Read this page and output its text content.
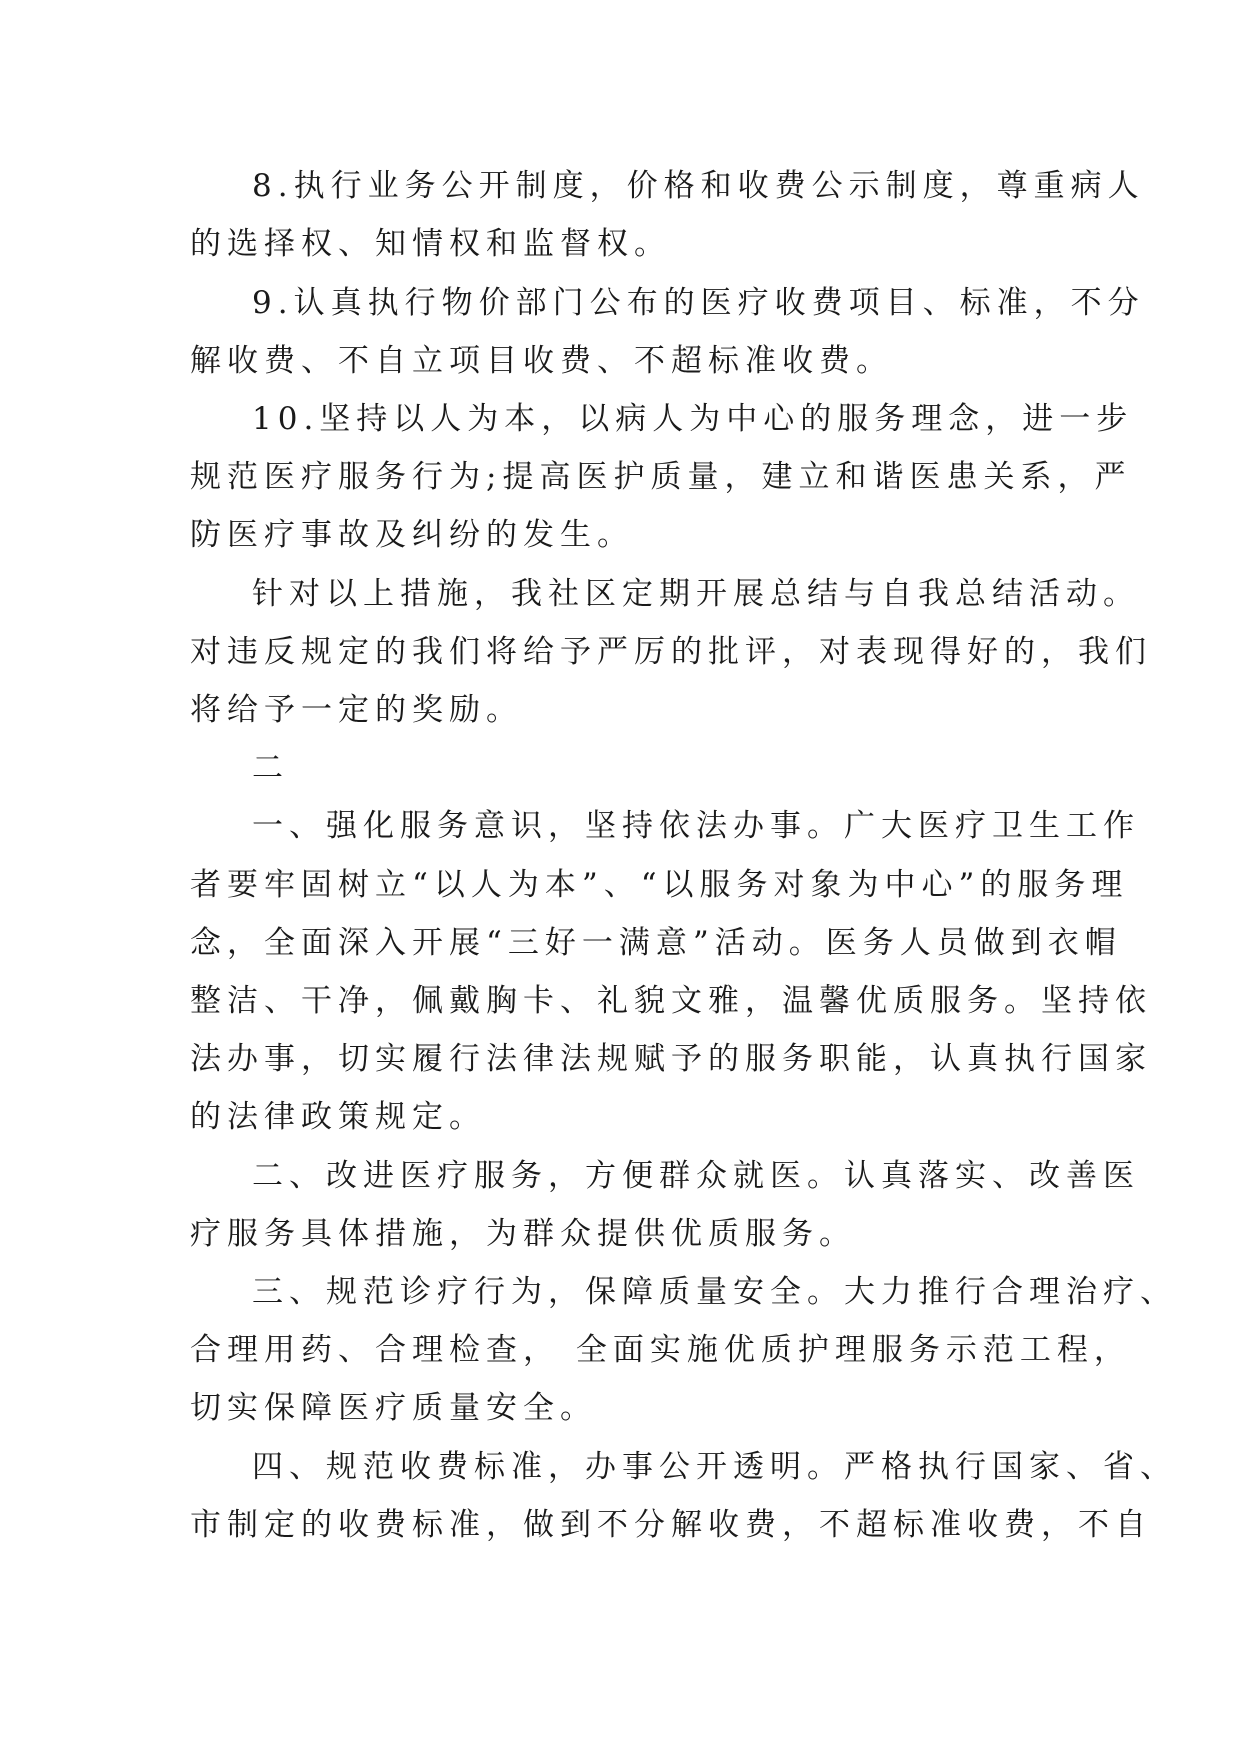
8.执行业务公开制度，价格和收费公示制度，尊重病人

的选择权、知情权和监督权。

9.认真执行物价部门公布的医疗收费项目、标准，不分

解收费、不自立项目收费、不超标准收费。

10.坚持以人为本，以病人为中心的服务理念，进一步

规范医疗服务行为;提高医护质量，建立和谐医患关系，严

防医疗事故及纠纷的发生。

针对以上措施，我社区定期开展总结与自我总结活动。

对违反规定的我们将给予严厉的批评，对表现得好的，我们

将给予一定的奖励。

二

一、强化服务意识，坚持依法办事。广大医疗卫生工作

者要牢固树立“以人为本”、“以服务对象为中心”的服务理

念，全面深入开展“三好一满意”活动。医务人员做到衣帽

整洁、干净，佩戴胸卡、礼貌文雅，温馨优质服务。坚持依

法办事，切实履行法律法规赋予的服务职能，认真执行国家

的法律政策规定。

二、改进医疗服务，方便群众就医。认真落实、改善医

疗服务具体措施，为群众提供优质服务。

三、规范诊疗行为，保障质量安全。大力推行合理治疗、

合理用药、合理检查， 全面实施优质护理服务示范工程，

切实保障医疗质量安全。

四、规范收费标准，办事公开透明。严格执行国家、省、

市制定的收费标准，做到不分解收费，不超标准收费，不自
